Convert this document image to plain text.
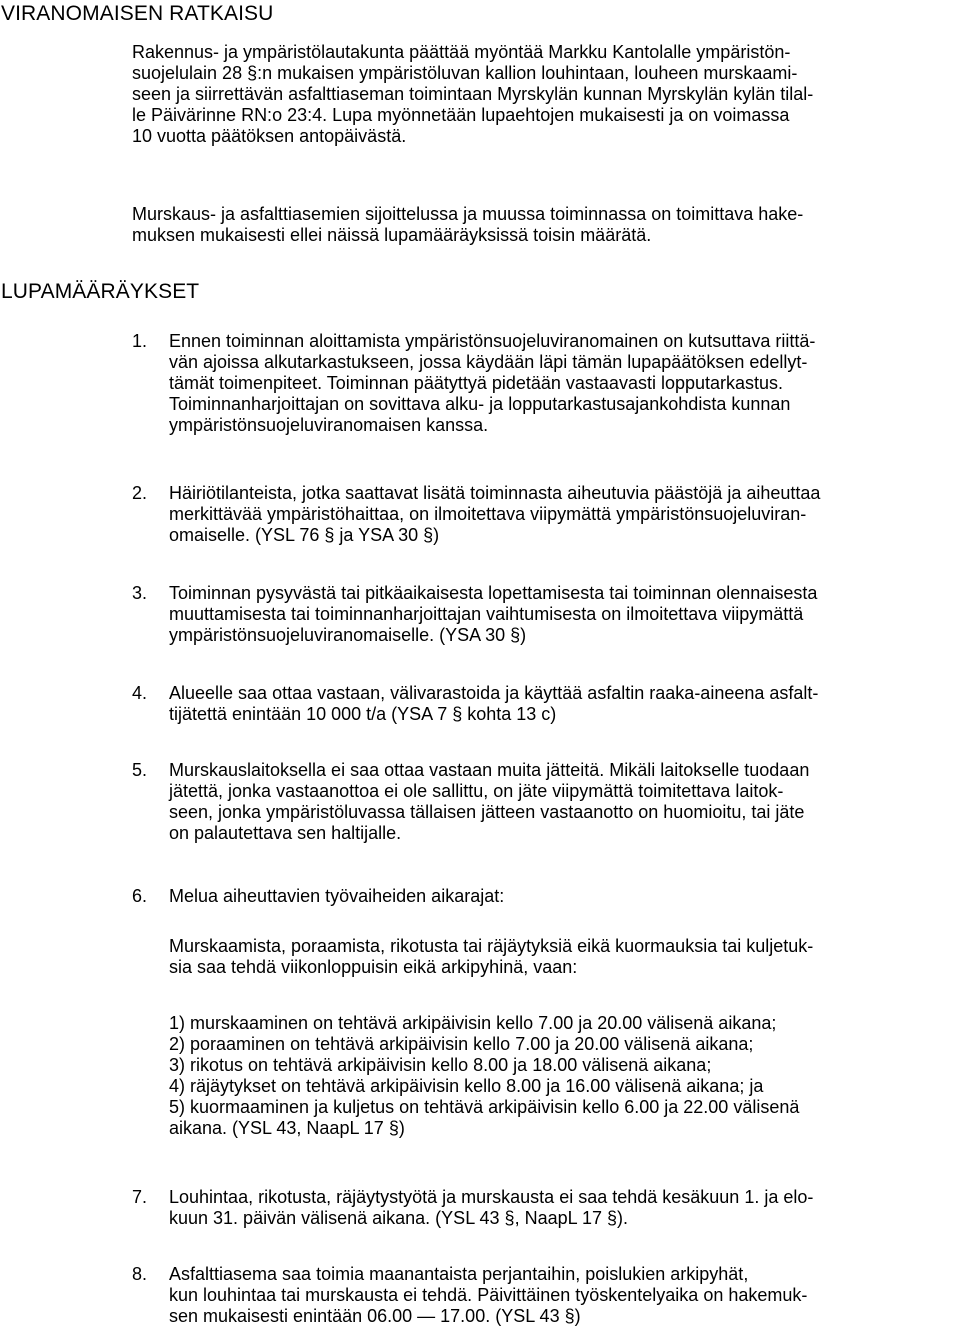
VIRANOMAISEN RATKAISU
Rakennus- ja ympäristölautakunta päättää myöntää Markku Kantolalle ympäristön-
suojelulain 28 §:n mukaisen ympäristöluvan kallion louhintaan, louheen murskaami-
seen ja siirrettävän asfalttiaseman toimintaan Myrskylän kunnan Myrskylän kylän tilal-
le Päivärinne RN:o 23:4. Lupa myönnetään lupaehtojen mukaisesti ja on voimassa
10 vuotta päätöksen antopäivästä.
Murskaus- ja asfalttiasemien sijoittelussa ja muussa toiminnassa on toimittava hake-
muksen mukaisesti ellei näissä lupamääräyksissä toisin määrätä.
LUPAMÄÄRÄYKSET
1. Ennen toiminnan aloittamista ympäristönsuojeluviranomainen on kutsuttava riittä-
vän ajoissa alkutarkastukseen, jossa käydään läpi tämän lupapäätöksen edellyt-
tämät toimenpiteet. Toiminnan päätyttyä pidetään vastaavasti lopputarkastus.
Toiminnanharjoittajan on sovittava alku- ja lopputarkastusajankohdista kunnan
ympäristönsuojeluviranomaisen kanssa.
2. Häiriötilanteista, jotka saattavat lisätä toiminnasta aiheutuvia päästöjä ja aiheuttaa
merkittävää ympäristöhaittaa, on ilmoitettava viipymättä ympäristönsuojeluviran-
omaiselle. (YSL 76 § ja YSA 30 §)
3. Toiminnan pysyvästä tai pitkäaikaisesta lopettamisesta tai toiminnan olennaisesta
muuttamisesta tai toiminnanharjoittajan vaihtumisesta on ilmoitettava viipymättä
ympäristönsuojeluviranomaiselle. (YSA 30 §)
4. Alueelle saa ottaa vastaan, välivarastoida ja käyttää asfaltin raaka-aineena asfalt-
tijätettä enintään 10 000 t/a (YSA 7 § kohta 13 c)
5. Murskauslaitoksella ei saa ottaa vastaan muita jätteitä. Mikäli laitokselle tuodaan
jätettä, jonka vastaanottoa ei ole sallittu, on jäte viipymättä toimitettava laitok-
seen, jonka ympäristöluvassa tällaisen jätteen vastaanotto on huomioitu, tai jäte
on palautettava sen haltijalle.
6. Melua aiheuttavien työvaiheiden aikarajat:
Murskaamista, poraamista, rikotusta tai räjäytyksiä eikä kuormauksia tai kuljetuk-
sia saa tehdä viikonloppuisin eikä arkipyhinä, vaan:
1) murskaaminen on tehtävä arkipäivisin kello 7.00 ja 20.00 välisenä aikana;
2) poraaminen on tehtävä arkipäivisin kello 7.00 ja 20.00 välisenä aikana;
3) rikotus on tehtävä arkipäivisin kello 8.00 ja 18.00 välisenä aikana;
4) räjäytykset on tehtävä arkipäivisin kello 8.00 ja 16.00 välisenä aikana; ja
5) kuormaaminen ja kuljetus on tehtävä arkipäivisin kello 6.00 ja 22.00 välisenä
aikana. (YSL 43, NaapL 17 §)
7. Louhintaa, rikotusta, räjäytystyötä ja murskausta ei saa tehdä kesäkuun 1. ja elo-
kuun 31. päivän välisenä aikana. (YSL 43 §, NaapL 17 §).
8. Asfalttiasema saa toimia maanantaista perjantaihin, poislukien arkipyhät,
kun louhintaa tai murskausta ei tehdä. Päivittäinen työskentelyaika on hakemuk-
sen mukaisesti enintään 06.00 — 17.00. (YSL 43 §)
